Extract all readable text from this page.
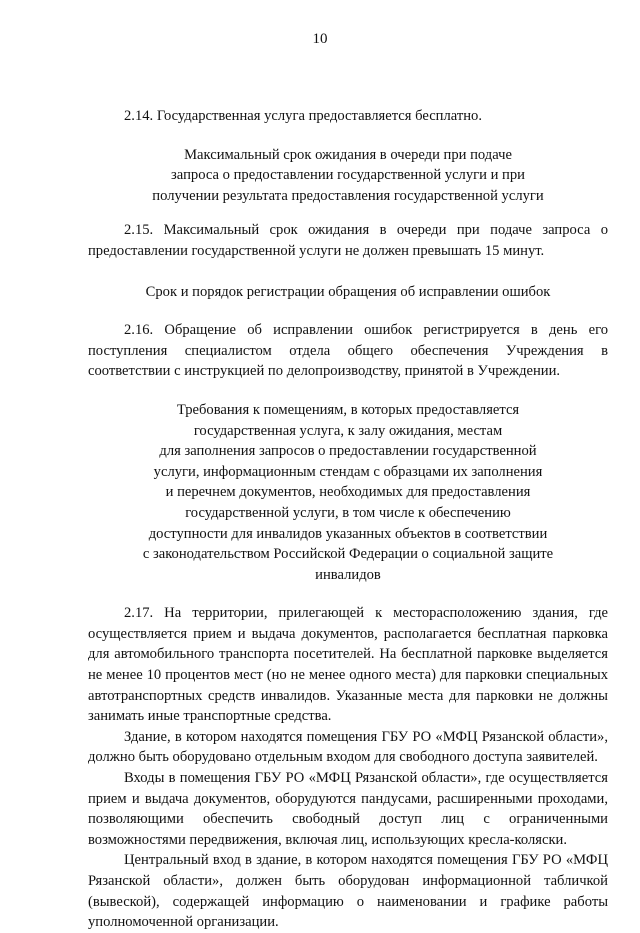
10

2.14. Государственная услуга предоставляется бесплатно.

Максимальный срок ожидания в очереди при подаче
запроса о предоставлении государственной услуги и при
получении результата предоставления государственной услуги

2.15. Максимальный срок ожидания в очереди при подаче запроса о предоставлении государственной услуги не должен превышать 15 минут.

Срок и порядок регистрации обращения об исправлении ошибок

2.16. Обращение об исправлении ошибок регистрируется в день его поступления специалистом отдела общего обеспечения Учреждения в соответствии с инструкцией по делопроизводству, принятой в Учреждении.

Требования к помещениям, в которых предоставляется
государственная услуга, к залу ожидания, местам
для заполнения запросов о предоставлении государственной
услуги, информационным стендам с образцами их заполнения
и перечнем документов, необходимых для предоставления
государственной услуги, в том числе к обеспечению
доступности для инвалидов указанных объектов в соответствии
с законодательством Российской Федерации о социальной защите
инвалидов

2.17. На территории, прилегающей к месторасположению здания, где осуществляется прием и выдача документов, располагается бесплатная парковка для автомобильного транспорта посетителей. На бесплатной парковке выделяется не менее 10 процентов мест (но не менее одного места) для парковки специальных автотранспортных средств инвалидов. Указанные места для парковки не должны занимать иные транспортные средства.

Здание, в котором находятся помещения ГБУ РО «МФЦ Рязанской области», должно быть оборудовано отдельным входом для свободного доступа заявителей.

Входы в помещения ГБУ РО «МФЦ Рязанской области», где осуществляется прием и выдача документов, оборудуются пандусами, расширенными проходами, позволяющими обеспечить свободный доступ лиц с ограниченными возможностями передвижения, включая лиц, использующих кресла-коляски.

Центральный вход в здание, в котором находятся помещения ГБУ РО «МФЦ Рязанской области», должен быть оборудован информационной табличкой (вывеской), содержащей информацию о наименовании и графике работы уполномоченной организации.
